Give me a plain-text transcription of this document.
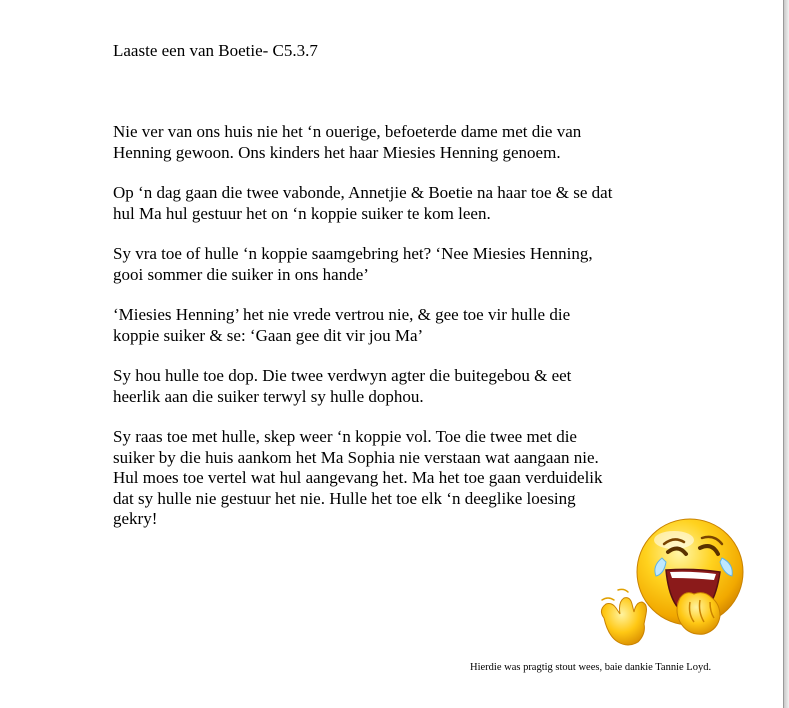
Laaste een van Boetie- C5.3.7

Nie ver van ons huis nie het ‘n ouerige, befoeterde dame met die van
Henning gewoon. Ons kinders het haar Miesies Henning genoem.

Op ‘n dag gaan die twee vabonde, Annetjie & Boetie na haar toe & se dat
hul Ma hul gestuur het on ‘n koppie suiker te kom leen.

Sy vra toe of hulle ‘n koppie saamgebring het? ‘Nee Miesies Henning,
gooi sommer die suiker in ons hande’

‘Miesies Henning’ het nie vrede vertrou nie, & gee toe vir hulle die
koppie suiker & se: ‘Gaan gee dit vir jou Ma’

Sy hou hulle toe dop. Die twee verdwyn agter die buitegebou & eet
heerlik aan die suiker terwyl sy hulle dophou.

Sy raas toe met hulle, skep weer ‘n koppie vol. Toe die twee met die
suiker by die huis aankom het Ma Sophia nie verstaan wat aangaan nie.
Hul moes toe vertel wat hul aangevang het. Ma het toe gaan verduidelik
dat sy hulle nie gestuur het nie. Hulle het toe elk ‘n deeglike loesing
gekry!

Hierdie was pragtig stout wees, baie dankie Tannie Loyd.
